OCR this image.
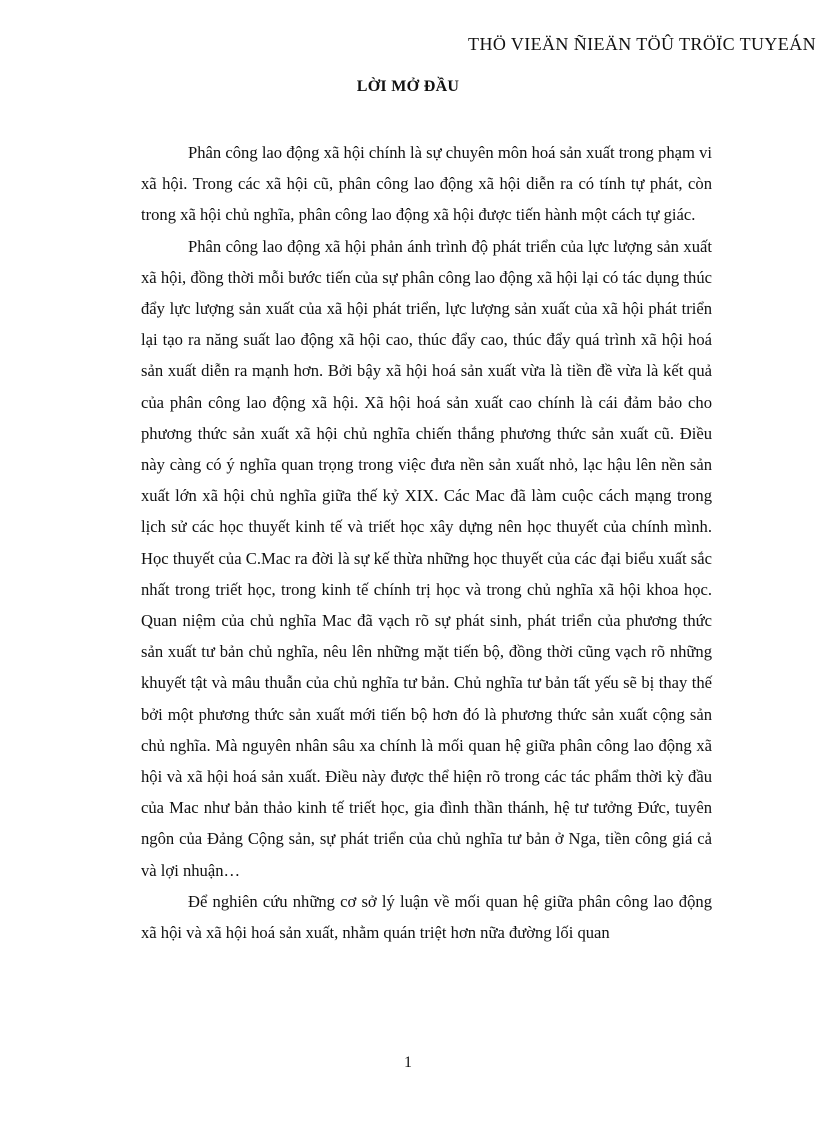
THÖ VIEÄN ÑIEÄN TÖÛ TRÖÏC TUYEÁN
LỜI MỞ ĐẦU

Phân công lao động xã hội chính là sự chuyên môn hoá sản xuất trong phạm vi xã hội. Trong các xã hội cũ, phân công lao động xã hội diễn ra có tính tự phát, còn trong xã hội chủ nghĩa, phân công lao động xã hội được tiến hành một cách tự giác.

Phân công lao động xã hội phản ánh trình độ phát triển của lực lượng sản xuất xã hội, đồng thời mỗi bước tiến của sự phân công lao động xã hội lại có tác dụng thúc đẩy lực lượng sản xuất của xã hội phát triển, lực lượng sản xuất của xã hội phát triển lại tạo ra năng suất lao động xã hội cao, thúc đẩy cao, thúc đẩy quá trình xã hội hoá sản xuất diễn ra mạnh hơn. Bởi bậy xã hội hoá sản xuất vừa là tiền đề vừa là kết quả của phân công lao động xã hội. Xã hội hoá sản xuất cao chính là cái đảm bảo cho phương thức sản xuất xã hội chủ nghĩa chiến thắng phương thức sản xuất cũ. Điều này càng có ý nghĩa quan trọng trong việc đưa nền sản xuất nhỏ, lạc hậu lên nền sản xuất lớn xã hội chủ nghĩa giữa thế kỷ XIX. Các Mac đã làm cuộc cách mạng trong lịch sử các học thuyết kinh tế và triết học xây dựng nên học thuyết của chính mình. Học thuyết của C.Mac ra đời là sự kế thừa những học thuyết của các đại biểu xuất sắc nhất trong triết học, trong kinh tế chính trị học và trong chủ nghĩa xã hội khoa học. Quan niệm của chủ nghĩa Mac đã vạch rõ sự phát sinh, phát triển của phương thức sản xuất tư bản chủ nghĩa, nêu lên những mặt tiến bộ, đồng thời cũng vạch rõ những khuyết tật và mâu thuẫn của chủ nghĩa tư bản. Chủ nghĩa tư bản tất yếu sẽ bị thay thế bởi một phương thức sản xuất mới tiến bộ hơn đó là phương thức sản xuất cộng sản chủ nghĩa. Mà nguyên nhân sâu xa chính là mối quan hệ giữa phân công lao động xã hội và xã hội hoá sản xuất. Điều này được thể hiện rõ trong các tác phẩm thời kỳ đầu của Mac như bản thảo kinh tế triết học, gia đình thần thánh, hệ tư tưởng Đức, tuyên ngôn của Đảng Cộng sản, sự phát triển của chủ nghĩa tư bản ở Nga, tiền công giá cả và lợi nhuận…

Để nghiên cứu những cơ sở lý luận về mối quan hệ giữa phân công lao động xã hội và xã hội hoá sản xuất, nhằm quán triệt hơn nữa đường lối quan

1
